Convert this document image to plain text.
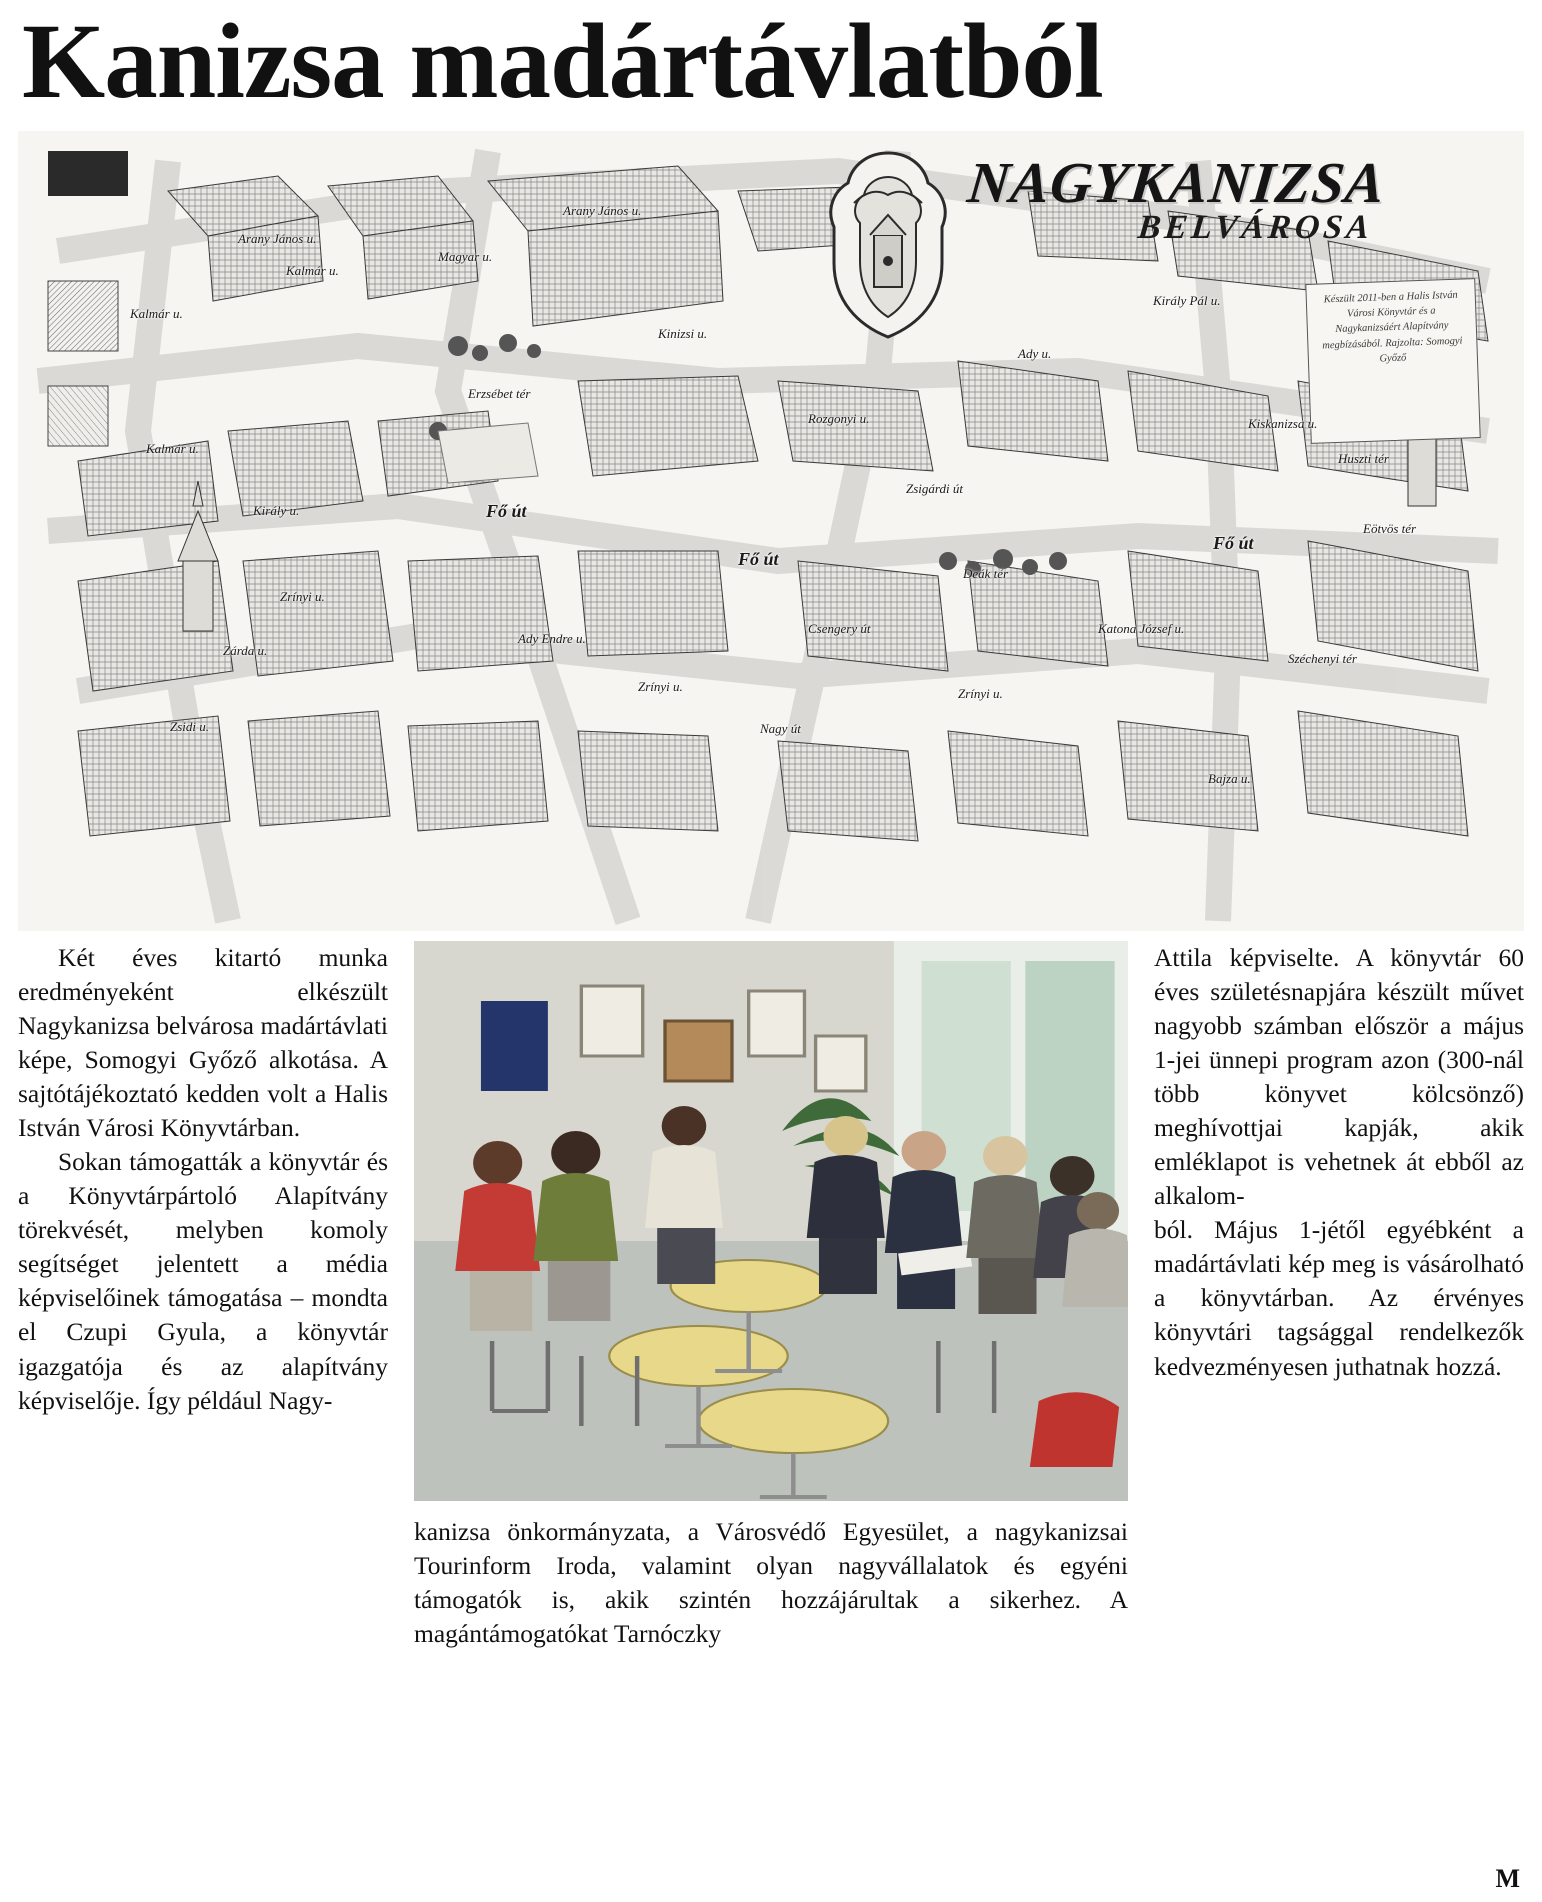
Kanizsa madártávlatból
NAGYKANIZSA
BELVÁROSA
Készült 2011-ben a Halis István Városi Könyvtár és a Nagykanizsáért Alapítvány megbízásából. Rajzolta: Somogyi Győző
Arany János u.
Arany János u.
Magyar u.
Kalmár u.
Kinizsi u.
Kalmár u.
Erzsébet tér
Rozgonyi u.
Király Pál u.
Ady u.
Kalmár u.
Kiskanizsa u.
Huszti tér
Fő út
Fő út
Fő út
Eötvös tér
Zsigárdi út
Király u.
Csengery út
Deák tér
Ady Endre u.
Zrínyi u.
Zárda u.
Zrínyi u.	Zrínyi u.
Katona József u.
Széchenyi tér
Nagy út
Zsidi u.
Bajza u.

Két éves kitartó munka eredményeként elkészült Nagykanizsa belvárosa madártávlati képe, Somogyi Győző alkotása. A sajtótájékoztató kedden volt a Halis István Városi Könyvtárban.

Sokan támogatták a könyvtár és a Könyvtárpártoló Alapítvány törekvését, melyben komoly segítséget jelentett a média képviselőinek támogatása – mondta el Czupi Gyula, a könyvtár igazgatója és az alapítvány képviselője. Így például Nagy-

kanizsa önkormányzata, a Városvédő Egyesület, a nagykanizsai Tourinform Iroda, valamint olyan nagyvállalatok és egyéni támogatók is, akik szintén hozzájárultak a sikerhez. A magántámogatókat Tarnóczky

Attila képviselte. A könyvtár 60 éves születésnapjára készült művet nagyobb számban először a május 1-jei ünnepi program azon (300-nál több könyvet kölcsönző) meghívottjai kapják, akik emléklapot is vehetnek át ebből az alkalom-

ból. Május 1-jétől egyébként a madártávlati kép meg is vásárolható a könyvtárban. Az érvényes könyvtári tagsággal rendelkezők kedvezményesen juthatnak hozzá.

M
